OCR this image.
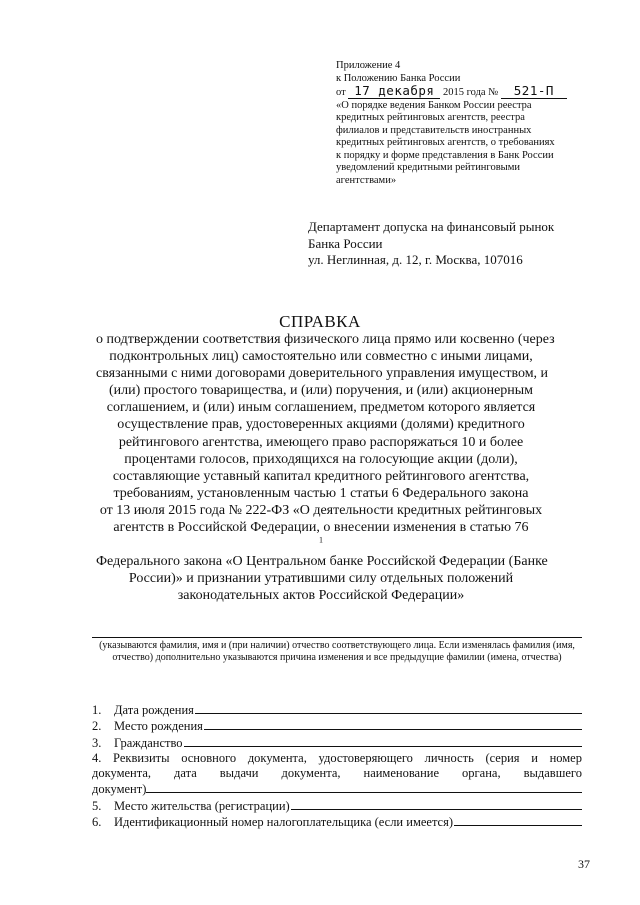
Приложение 4
к Положению Банка России
от 17 декабря 2015 года № 521-П
«О порядке ведения Банком России реестра
кредитных рейтинговых агентств, реестра
филиалов и представительств иностранных
кредитных рейтинговых агентств, о требованиях
к порядку и форме представления в Банк России
уведомлений кредитными рейтинговыми
агентствами»
Департамент допуска на финансовый рынок
Банка России
ул. Неглинная, д. 12, г. Москва, 107016
СПРАВКА
о подтверждении соответствия физического лица прямо или косвенно (через
подконтрольных лиц) самостоятельно или совместно с иными лицами,
связанными с ними договорами доверительного управления имуществом, и
(или) простого товарищества, и (или) поручения, и (или) акционерным
соглашением, и (или) иным соглашением, предметом которого является
осуществление прав, удостоверенных акциями (долями) кредитного
рейтингового агентства, имеющего право распоряжаться 10 и более
процентами голосов, приходящихся на голосующие акции (доли),
составляющие уставный капитал кредитного рейтингового агентства,
требованиям, установленным частью 1 статьи 6 Федерального закона
от 13 июля 2015 года № 222-ФЗ «О деятельности кредитных рейтинговых
агентств в Российской Федерации, о внесении изменения в статью 76
$^1$
Федерального закона «О Центральном банке Российской Федерации (Банке
России)» и признании утратившими силу отдельных положений
законодательных актов Российской Федерации»
(указываются фамилия, имя и (при наличии) отчество соответствующего лица. Если изменялась фамилия (имя,
отчество) дополнительно указываются причина изменения и все предыдущие фамилии (имена, отчества)
1.	Дата рождения
2.	Место рождения
3.	Гражданство
4. Реквизиты основного документа, удостоверяющего личность (серия и номер
документа, дата выдачи документа, наименование органа, выдавшего
документ)
5.	Место жительства (регистрации)
6.	Идентификационный номер налогоплательщика (если имеется)
37
